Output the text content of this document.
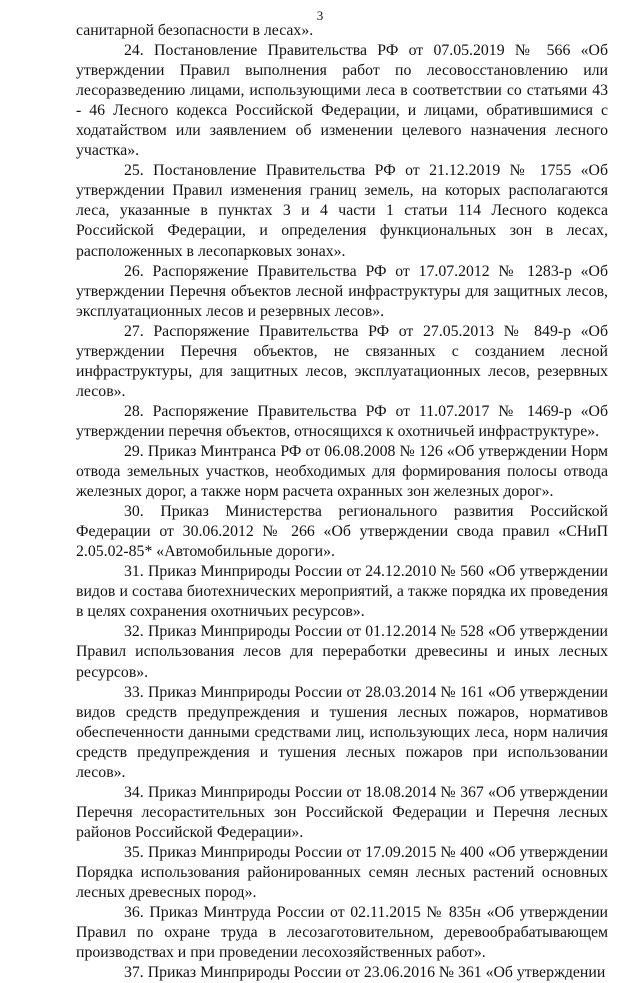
3

санитарной безопасности в лесах».

24. Постановление Правительства РФ от 07.05.2019 № 566 «Об утверждении Правил выполнения работ по лесовосстановлению или лесоразведению лицами, использующими леса в соответствии со статьями 43 - 46 Лесного кодекса Российской Федерации, и лицами, обратившимися с ходатайством или заявлением об изменении целевого назначения лесного участка».

25. Постановление Правительства РФ от 21.12.2019 № 1755 «Об утверждении Правил изменения границ земель, на которых располагаются леса, указанные в пунктах 3 и 4 части 1 статьи 114 Лесного кодекса Российской Федерации, и определения функциональных зон в лесах, расположенных в лесопарковых зонах».

26. Распоряжение Правительства РФ от 17.07.2012 № 1283-р «Об утверждении Перечня объектов лесной инфраструктуры для защитных лесов, эксплуатационных лесов и резервных лесов».

27. Распоряжение Правительства РФ от 27.05.2013 № 849-р «Об утверждении Перечня объектов, не связанных с созданием лесной инфраструктуры, для защитных лесов, эксплуатационных лесов, резервных лесов».

28. Распоряжение Правительства РФ от 11.07.2017 № 1469-р «Об утверждении перечня объектов, относящихся к охотничьей инфраструктуре».

29. Приказ Минтранса РФ от 06.08.2008 № 126 «Об утверждении Норм отвода земельных участков, необходимых для формирования полосы отвода железных дорог, а также норм расчета охранных зон железных дорог».

30. Приказ Министерства регионального развития Российской Федерации от 30.06.2012 № 266 «Об утверждении свода правил «СНиП 2.05.02-85* «Автомобильные дороги».

31. Приказ Минприроды России от 24.12.2010 № 560 «Об утверждении видов и состава биотехнических мероприятий, а также порядка их проведения в целях сохранения охотничьих ресурсов».

32. Приказ Минприроды России от 01.12.2014 № 528 «Об утверждении Правил использования лесов для переработки древесины и иных лесных ресурсов».

33. Приказ Минприроды России от 28.03.2014 № 161 «Об утверждении видов средств предупреждения и тушения лесных пожаров, нормативов обеспеченности данными средствами лиц, использующих леса, норм наличия средств предупреждения и тушения лесных пожаров при использовании лесов».

34. Приказ Минприроды России от 18.08.2014 № 367 «Об утверждении Перечня лесорастительных зон Российской Федерации и Перечня лесных районов Российской Федерации».

35. Приказ Минприроды России от 17.09.2015 № 400 «Об утверждении Порядка использования районированных семян лесных растений основных лесных древесных пород».

36. Приказ Минтруда России от 02.11.2015 № 835н «Об утверждении Правил по охране труда в лесозаготовительном, деревообрабатывающем производствах и при проведении лесохозяйственных работ».

37. Приказ Минприроды России от 23.06.2016 № 361 «Об утверждении
